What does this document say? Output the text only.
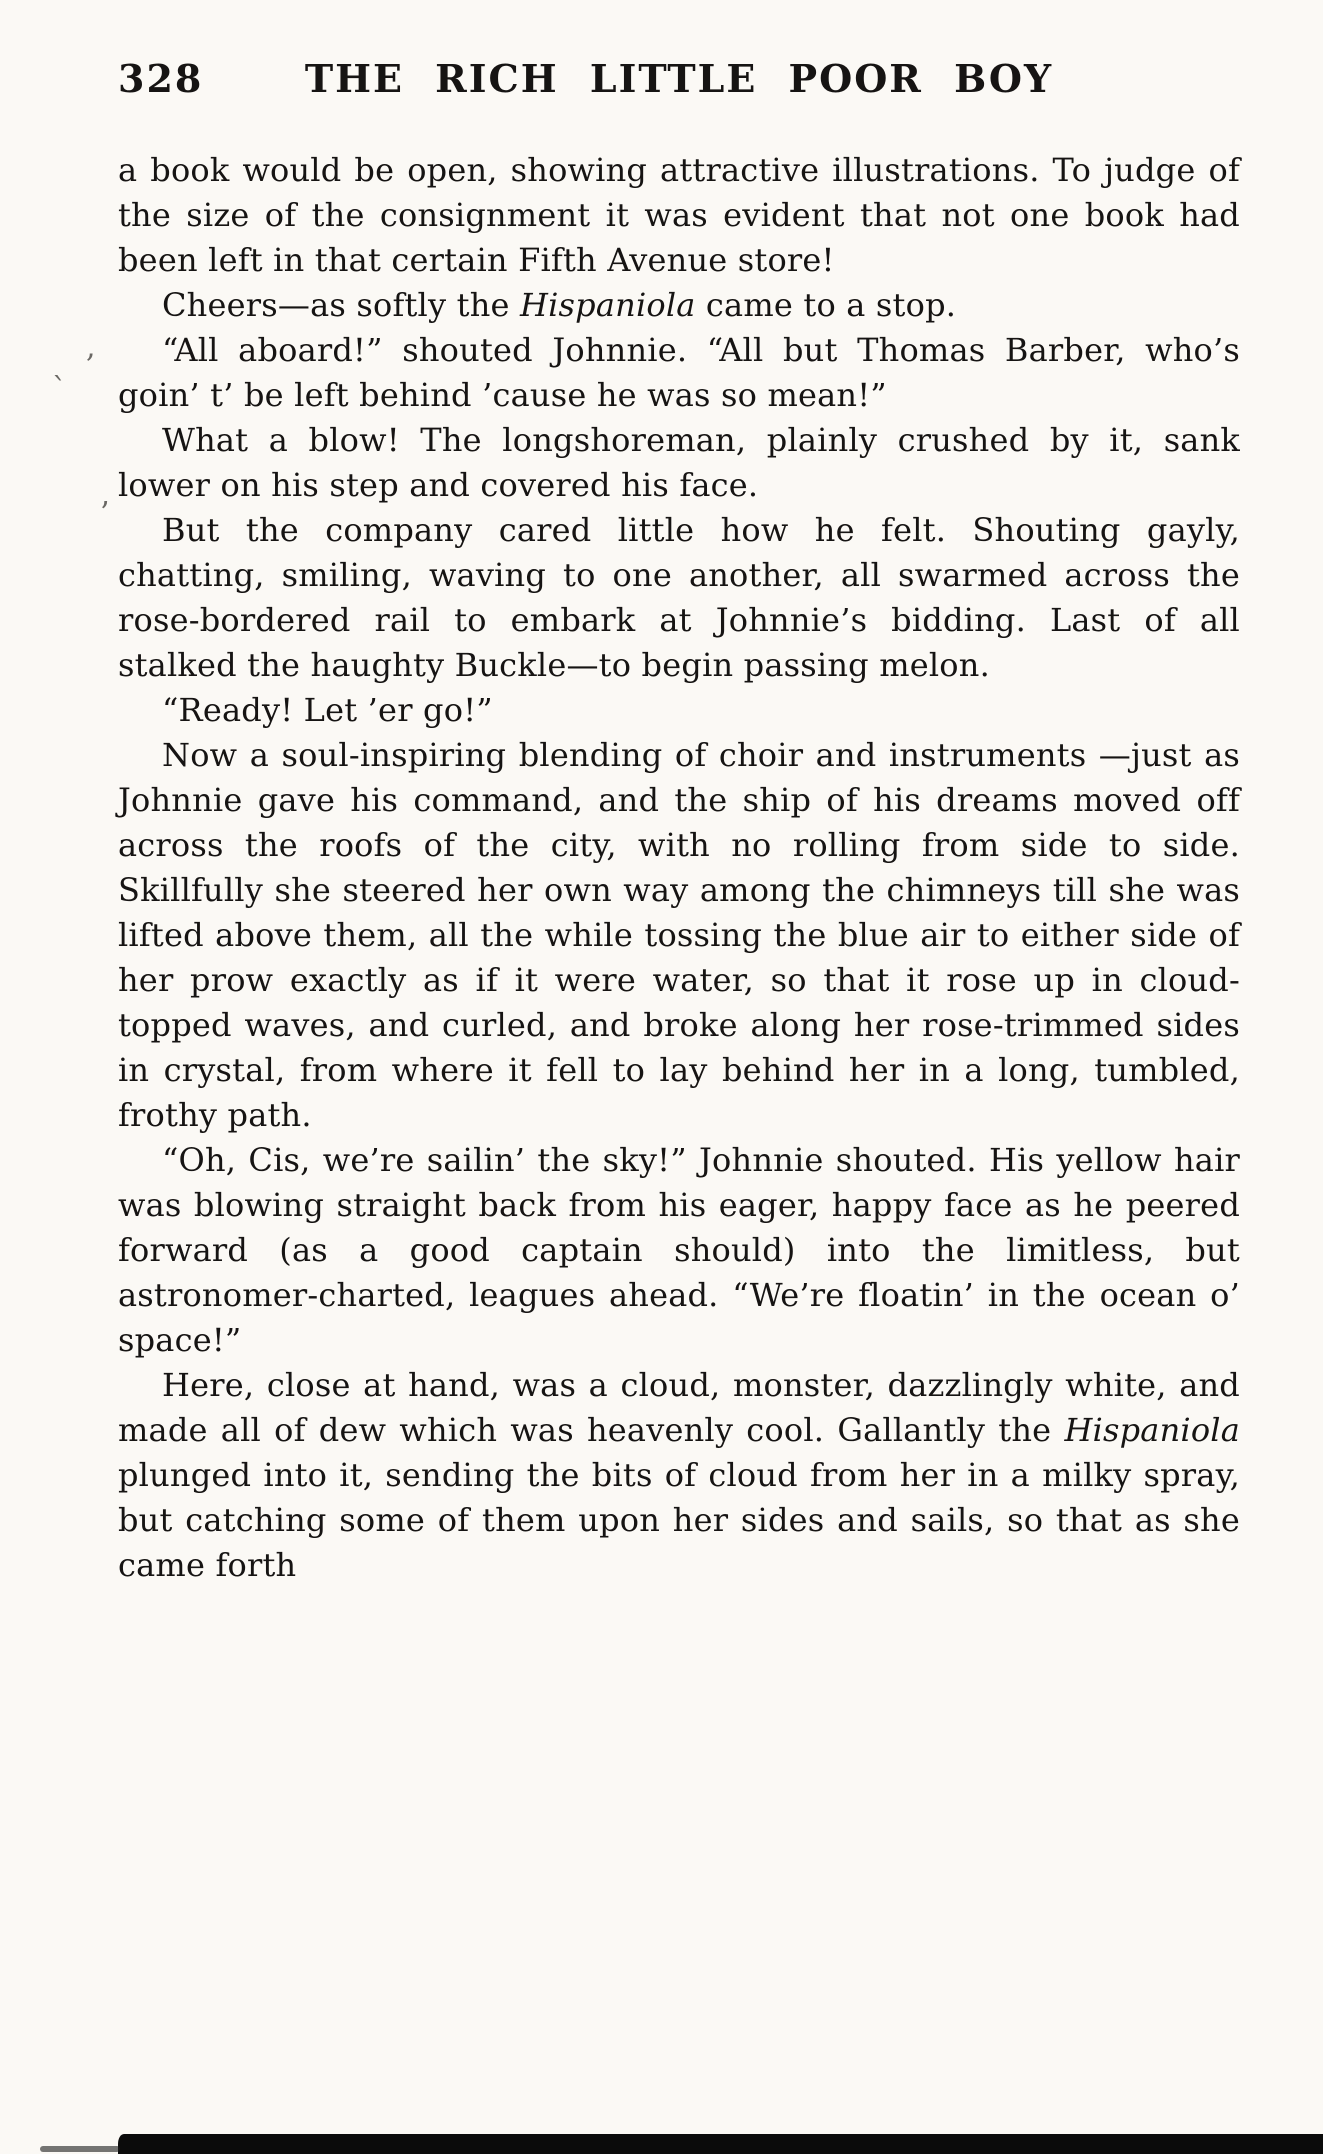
328	THE RICH LITTLE POOR BOY

a book would be open, showing attractive illustrations. To judge of the size of the consignment it was evident that not one book had been left in that certain Fifth Avenue store!

Cheers—as softly the Hispaniola came to a stop.

“All aboard!” shouted Johnnie. “All but Thomas Barber, who’s goin’ t’ be left behind ’cause he was so mean!”

What a blow! The longshoreman, plainly crushed by it, sank lower on his step and covered his face.

But the company cared little how he felt. Shouting gayly, chatting, smiling, waving to one another, all swarmed across the rose-bordered rail to embark at Johnnie’s bidding. Last of all stalked the haughty Buckle—to begin passing melon.

“Ready! Let ’er go!”

Now a soul-inspiring blending of choir and instruments —just as Johnnie gave his command, and the ship of his dreams moved off across the roofs of the city, with no rolling from side to side. Skillfully she steered her own way among the chimneys till she was lifted above them, all the while tossing the blue air to either side of her prow exactly as if it were water, so that it rose up in cloud-topped waves, and curled, and broke along her rose-trimmed sides in crystal, from where it fell to lay behind her in a long, tumbled, frothy path.

“Oh, Cis, we’re sailin’ the sky!” Johnnie shouted. His yellow hair was blowing straight back from his eager, happy face as he peered forward (as a good captain should) into the limitless, but astronomer-charted, leagues ahead. “We’re floatin’ in the ocean o’ space!”

Here, close at hand, was a cloud, monster, dazzlingly white, and made all of dew which was heavenly cool. Gallantly the Hispaniola plunged into it, sending the bits of cloud from her in a milky spray, but catching some of them upon her sides and sails, so that as she came forth

,
’
`
